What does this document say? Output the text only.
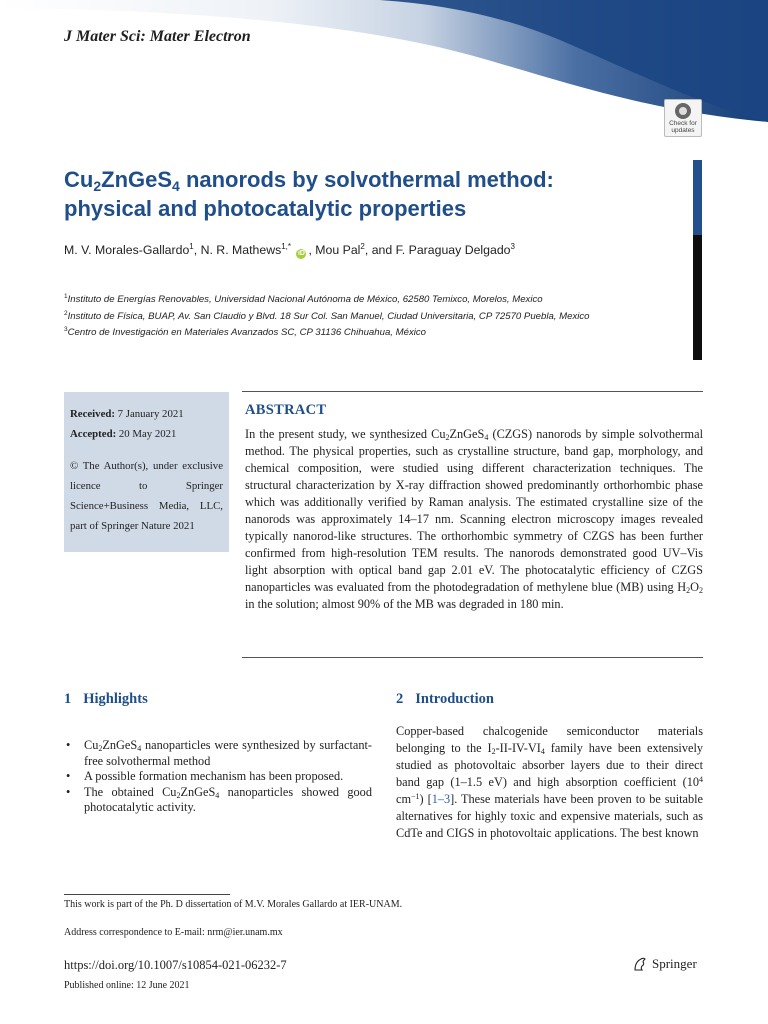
J Mater Sci: Mater Electron
Check for
updates
$Cu_2ZnGeS_4$ nanorods by solvothermal method:
physical and photocatalytic properties
M. V. Morales-Gallardo$^1$, N. R. Mathews$^{1,*}$ iD , Mou Pal$^2$, and F. Paraguay Delgado$^3$
$^1$Instituto de Energías Renovables, Universidad Nacional Autónoma de México, 62580 Temixco, Morelos, Mexico
$^2$Instituto de Física, BUAP, Av. San Claudio y Blvd. 18 Sur Col. San Manuel, Ciudad Universitaria, CP 72570 Puebla, Mexico
$^3$Centro de Investigación en Materiales Avanzados SC, CP 31136 Chihuahua, México
Received: 7 January 2021
Accepted: 20 May 2021
© The Author(s), under exclusive licence to Springer Science+Business Media, LLC, part of Springer Nature 2021
ABSTRACT
In the present study, we synthesized $Cu_2ZnGeS_4$ (CZGS) nanorods by simple solvothermal method. The physical properties, such as crystalline structure, band gap, morphology, and chemical composition, were studied using different characterization techniques. The structural characterization by X-ray diffraction showed predominantly orthorhombic phase which was additionally verified by Raman analysis. The estimated crystalline size of the nanorods was approximately 14–17 nm. Scanning electron microscopy images revealed typically nanorod-like structures. The orthorhombic symmetry of CZGS has been further confirmed from high-resolution TEM results. The nanorods demonstrated good UV–Vis light absorption with optical band gap 2.01 eV. The photocatalytic efficiency of CZGS nanoparticles was evaluated from the photodegradation of methylene blue (MB) using $H_2O_2$ in the solution; almost 90% of the MB was degraded in 180 min.
1 Highlights
• $Cu_2ZnGeS_4$ nanoparticles were synthesized by surfactant-free solvothermal method
• A possible formation mechanism has been proposed.
• The obtained $Cu_2ZnGeS_4$ nanoparticles showed good photocatalytic activity.
2 Introduction
Copper-based chalcogenide semiconductor materials belonging to the $I_2-II-IV-VI_4$ family have been extensively studied as photovoltaic absorber layers due to their direct band gap (1–1.5 eV) and high absorption coefficient ($10^4$ $cm^{-1}$) [1–3]. These materials have been proven to be suitable alternatives for highly toxic and expensive materials, such as CdTe and CIGS in photovoltaic applications. The best known
This work is part of the Ph. D dissertation of M.V. Morales Gallardo at IER-UNAM.
Address correspondence to E-mail: nrm@ier.unam.mx
https://doi.org/10.1007/s10854-021-06232-7
Published online: 12 June 2021
Springer
